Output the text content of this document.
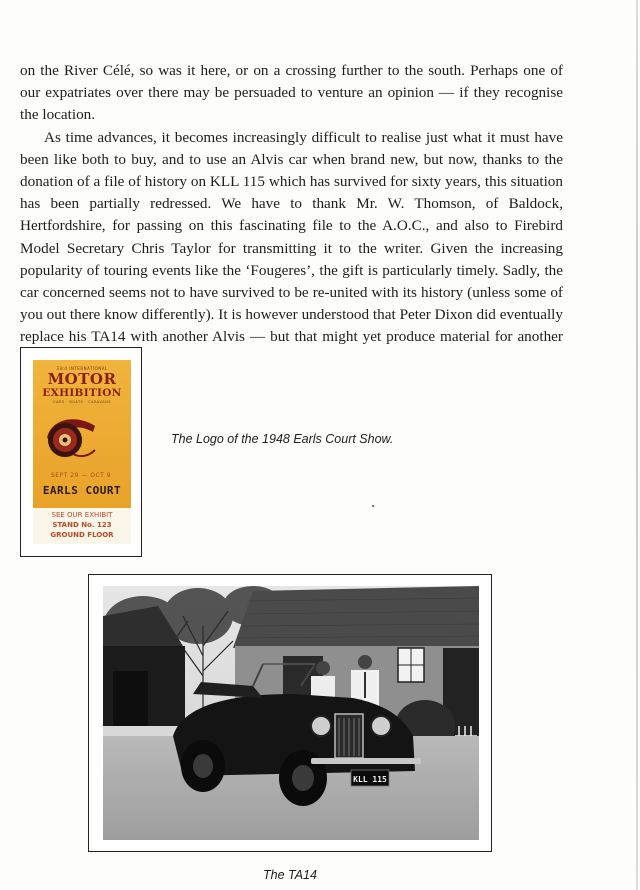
on the River Célé, so was it here, or on a crossing further to the south. Perhaps one of our expatriates over there may be persuaded to venture an opinion — if they recognise the location.

As time advances, it becomes increasingly difficult to realise just what it must have been like both to buy, and to use an Alvis car when brand new, but now, thanks to the donation of a file of history on KLL 115 which has survived for sixty years, this situation has been partially redressed. We have to thank Mr. W. Thomson, of Baldock, Hertfordshire, for passing on this fascinating file to the A.O.C., and also to Firebird Model Secretary Chris Taylor for transmitting it to the writer. Given the increasing popularity of touring events like the ‘Fougeres’, the gift is particularly timely. Sadly, the car concerned seems not to have survived to be re-united with its history (unless some of you out there know differently). It is however understood that Peter Dixon did eventually replace his TA14 with another Alvis — but that might yet produce material for another

33rd INTERNATIONAL
MOTOR
EXHIBITION
CARS · BOATS · CARAVANS
SEPT 29 — OCT 9
EARLS COURT
SEE OUR EXHIBIT
STAND No. 123
GROUND FLOOR
The Logo of the 1948 Earls Court Show.
KLL 115
The TA14
